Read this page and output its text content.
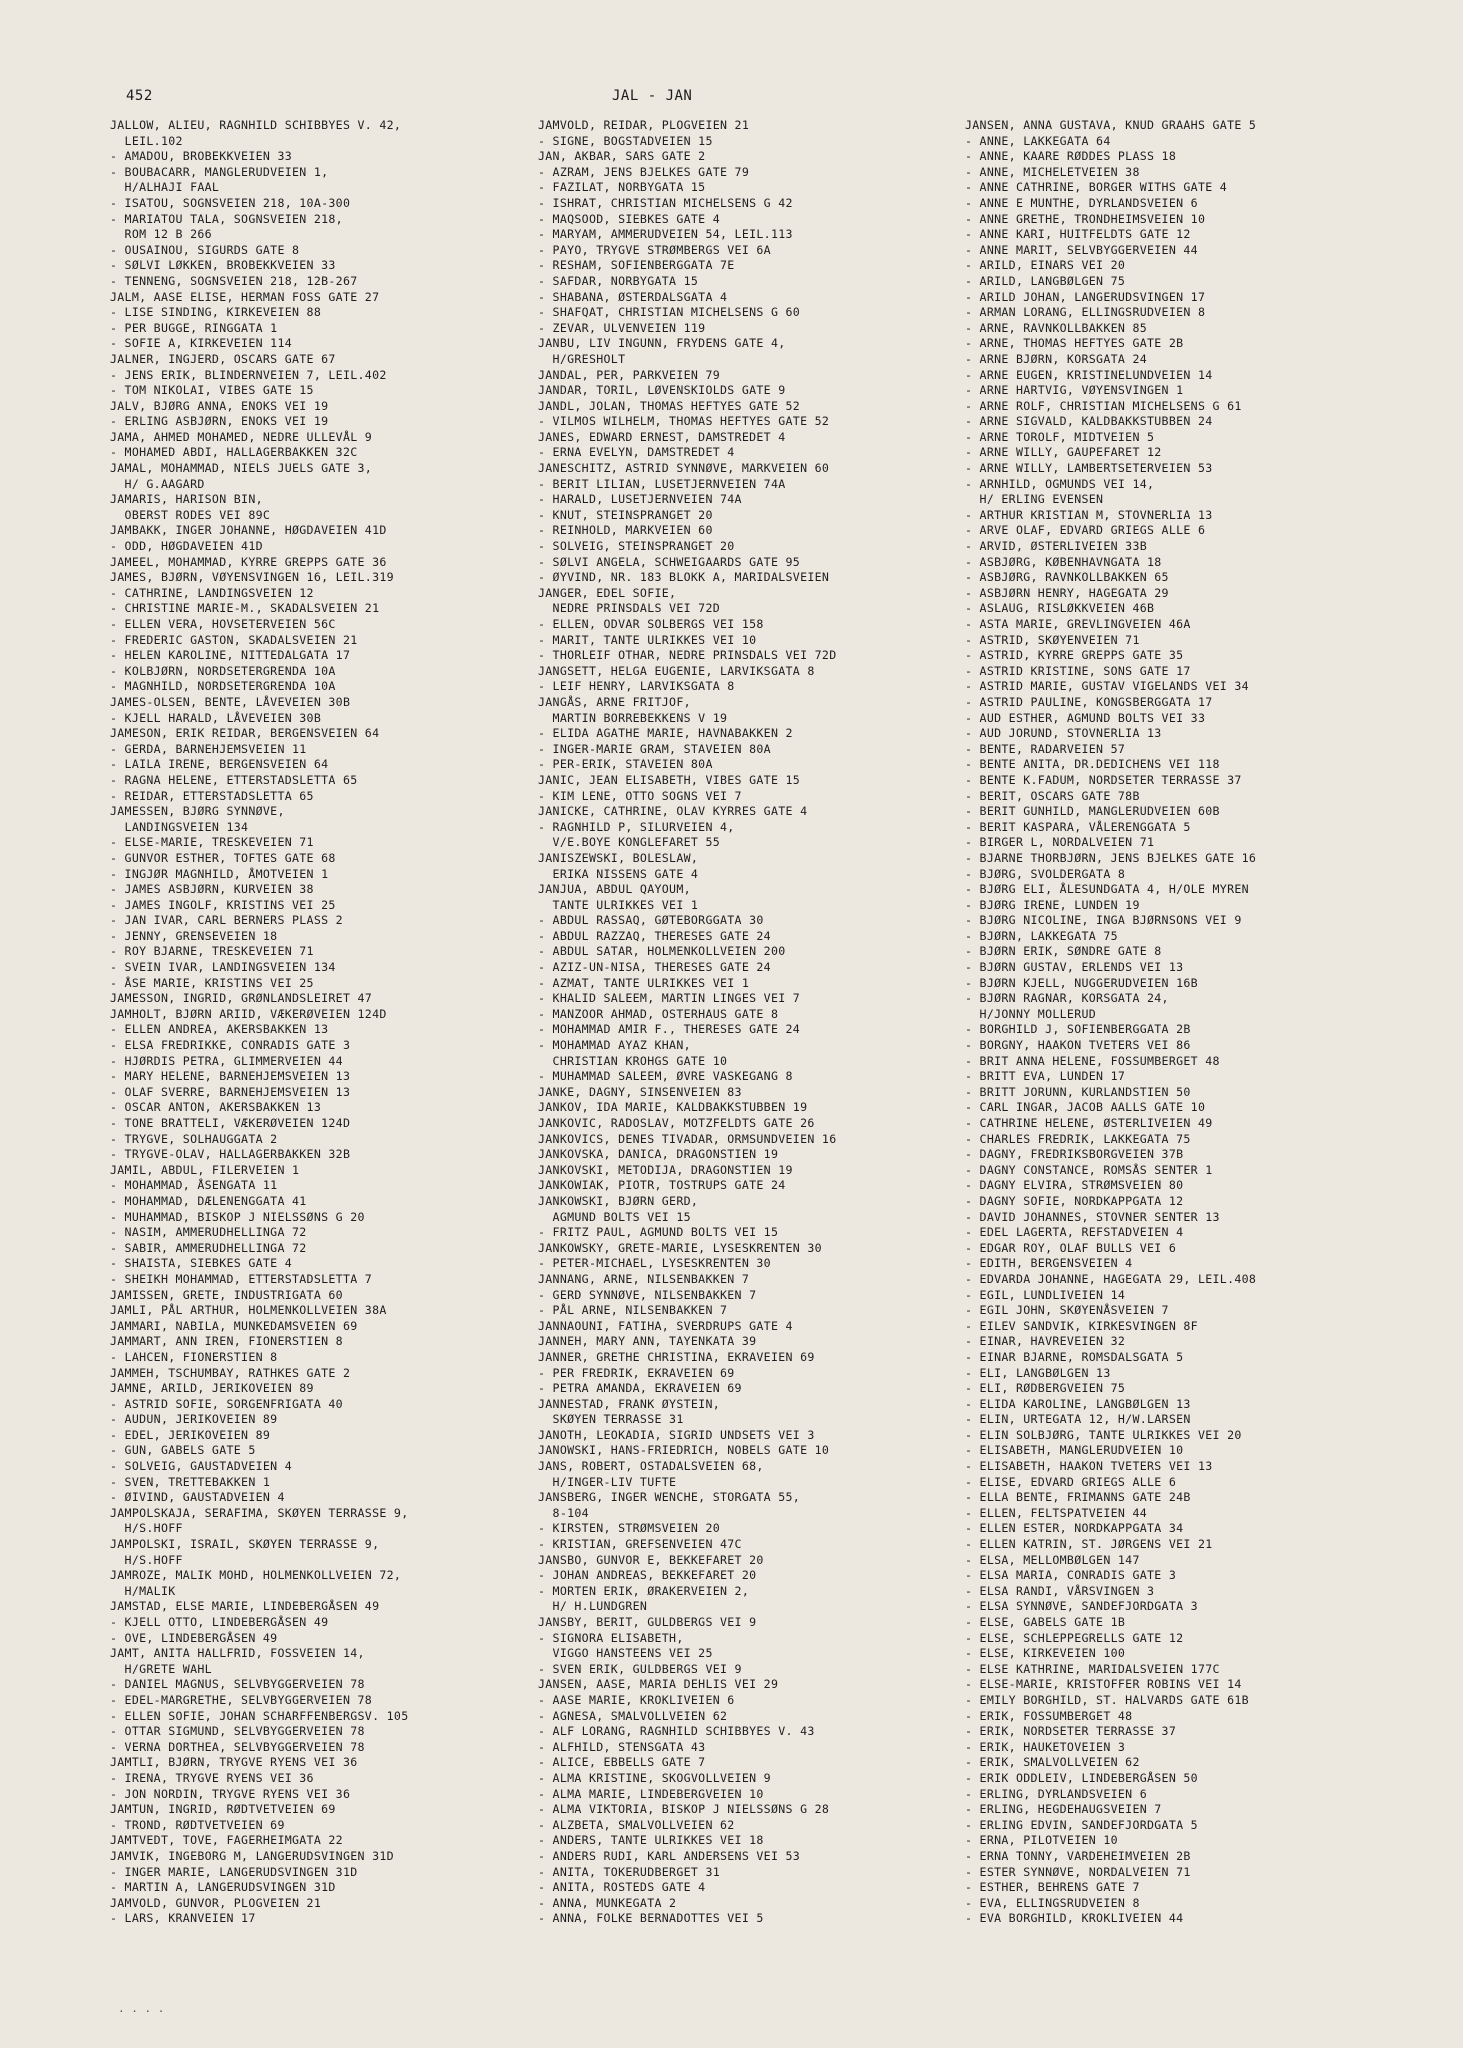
452	JAL - JAN
JALLOW, ALIEU, RAGNHILD SCHIBBYES V. 42,
LEIL.102
- AMADOU, BROBEKKVEIEN 33
- BOUBACARR, MANGLERUDVEIEN 1,
H/ALHAJI FAAL
- ISATOU, SOGNSVEIEN 218, 10A-300
- MARIATOU TALA, SOGNSVEIEN 218,
ROM 12 B 266
- OUSAINOU, SIGURDS GATE 8
- SØLVI LØKKEN, BROBEKKVEIEN 33
- TENNENG, SOGNSVEIEN 218, 12B-267
JALM, AASE ELISE, HERMAN FOSS GATE 27
- LISE SINDING, KIRKEVEIEN 88
- PER BUGGE, RINGGATA 1
- SOFIE A, KIRKEVEIEN 114
JALNER, INGJERD, OSCARS GATE 67
- JENS ERIK, BLINDERNVEIEN 7, LEIL.402
- TOM NIKOLAI, VIBES GATE 15
JALV, BJØRG ANNA, ENOKS VEI 19
- ERLING ASBJØRN, ENOKS VEI 19
JAMA, AHMED MOHAMED, NEDRE ULLEVÅL 9
- MOHAMED ABDI, HALLAGERBAKKEN 32C
JAMAL, MOHAMMAD, NIELS JUELS GATE 3,
H/ G.AAGARD
JAMARIS, HARISON BIN,
OBERST RODES VEI 89C
JAMBAKK, INGER JOHANNE, HØGDAVEIEN 41D
- ODD, HØGDAVEIEN 41D
JAMEEL, MOHAMMAD, KYRRE GREPPS GATE 36
JAMES, BJØRN, VØYENSVINGEN 16, LEIL.319
- CATHRINE, LANDINGSVEIEN 12
- CHRISTINE MARIE-M., SKADALSVEIEN 21
- ELLEN VERA, HOVSETERVEIEN 56C
- FREDERIC GASTON, SKADALSVEIEN 21
- HELEN KAROLINE, NITTEDALGATA 17
- KOLBJØRN, NORDSETERGRENDA 10A
- MAGNHILD, NORDSETERGRENDA 10A
JAMES-OLSEN, BENTE, LÅVEVEIEN 30B
- KJELL HARALD, LÅVEVEIEN 30B
JAMESON, ERIK REIDAR, BERGENSVEIEN 64
- GERDA, BARNEHJEMSVEIEN 11
- LAILA IRENE, BERGENSVEIEN 64
- RAGNA HELENE, ETTERSTADSLETTA 65
- REIDAR, ETTERSTADSLETTA 65
JAMESSEN, BJØRG SYNNØVE,
LANDINGSVEIEN 134
- ELSE-MARIE, TRESKEVEIEN 71
- GUNVOR ESTHER, TOFTES GATE 68
- INGJØR MAGNHILD, ÅMOTVEIEN 1
- JAMES ASBJØRN, KURVEIEN 38
- JAMES INGOLF, KRISTINS VEI 25
- JAN IVAR, CARL BERNERS PLASS 2
- JENNY, GRENSEVEIEN 18
- ROY BJARNE, TRESKEVEIEN 71
- SVEIN IVAR, LANDINGSVEIEN 134
- ÅSE MARIE, KRISTINS VEI 25
JAMESSON, INGRID, GRØNLANDSLEIRET 47
JAMHOLT, BJØRN ARIID, VÆKERØVEIEN 124D
- ELLEN ANDREA, AKERSBAKKEN 13
- ELSA FREDRIKKE, CONRADIS GATE 3
- HJØRDIS PETRA, GLIMMERVEIEN 44
- MARY HELENE, BARNEHJEMSVEIEN 13
- OLAF SVERRE, BARNEHJEMSVEIEN 13
- OSCAR ANTON, AKERSBAKKEN 13
- TONE BRATTELI, VÆKERØVEIEN 124D
- TRYGVE, SOLHAUGGATA 2
- TRYGVE-OLAV, HALLAGERBAKKEN 32B
JAMIL, ABDUL, FILERVEIEN 1
- MOHAMMAD, ÅSENGATA 11
- MOHAMMAD, DÆLENENGGATA 41
- MUHAMMAD, BISKOP J NIELSSØNS G 20
- NASIM, AMMERUDHELLINGA 72
- SABIR, AMMERUDHELLINGA 72
- SHAISTA, SIEBKES GATE 4
- SHEIKH MOHAMMAD, ETTERSTADSLETTA 7
JAMISSEN, GRETE, INDUSTRIGATA 60
JAMLI, PÅL ARTHUR, HOLMENKOLLVEIEN 38A
JAMMARI, NABILA, MUNKEDAMSVEIEN 69
JAMMART, ANN IREN, FIONERSTIEN 8
- LAHCEN, FIONERSTIEN 8
JAMMEH, TSCHUMBAY, RATHKES GATE 2
JAMNE, ARILD, JERIKOVEIEN 89
- ASTRID SOFIE, SORGENFRIGATA 40
- AUDUN, JERIKOVEIEN 89
- EDEL, JERIKOVEIEN 89
- GUN, GABELS GATE 5
- SOLVEIG, GAUSTADVEIEN 4
- SVEN, TRETTEBAKKEN 1
- ØIVIND, GAUSTADVEIEN 4
JAMPOLSKAJA, SERAFIMA, SKØYEN TERRASSE 9,
H/S.HOFF
JAMPOLSKI, ISRAIL, SKØYEN TERRASSE 9,
H/S.HOFF
JAMROZE, MALIK MOHD, HOLMENKOLLVEIEN 72,
H/MALIK
JAMSTAD, ELSE MARIE, LINDEBERGÅSEN 49
- KJELL OTTO, LINDEBERGÅSEN 49
- OVE, LINDEBERGÅSEN 49
JAMT, ANITA HALLFRID, FOSSVEIEN 14,
H/GRETE WAHL
- DANIEL MAGNUS, SELVBYGGERVEIEN 78
- EDEL-MARGRETHE, SELVBYGGERVEIEN 78
- ELLEN SOFIE, JOHAN SCHARFFENBERGSV. 105
- OTTAR SIGMUND, SELVBYGGERVEIEN 78
- VERNA DORTHEA, SELVBYGGERVEIEN 78
JAMTLI, BJØRN, TRYGVE RYENS VEI 36
- IRENA, TRYGVE RYENS VEI 36
- JON NORDIN, TRYGVE RYENS VEI 36
JAMTUN, INGRID, RØDTVETVEIEN 69
- TROND, RØDTVETVEIEN 69
JAMTVEDT, TOVE, FAGERHEIMGATA 22
JAMVIK, INGEBORG M, LANGERUDSVINGEN 31D
- INGER MARIE, LANGERUDSVINGEN 31D
- MARTIN A, LANGERUDSVINGEN 31D
JAMVOLD, GUNVOR, PLOGVEIEN 21
- LARS, KRANVEIEN 17
JAMVOLD, REIDAR, PLOGVEIEN 21
- SIGNE, BOGSTADVEIEN 15
JAN, AKBAR, SARS GATE 2
- AZRAM, JENS BJELKES GATE 79
- FAZILAT, NORBYGATA 15
- ISHRAT, CHRISTIAN MICHELSENS G 42
- MAQSOOD, SIEBKES GATE 4
- MARYAM, AMMERUDVEIEN 54, LEIL.113
- PAYO, TRYGVE STRØMBERGS VEI 6A
- RESHAM, SOFIENBERGGATA 7E
- SAFDAR, NORBYGATA 15
- SHABANA, ØSTERDALSGATA 4
- SHAFQAT, CHRISTIAN MICHELSENS G 60
- ZEVAR, ULVENVEIEN 119
JANBU, LIV INGUNN, FRYDENS GATE 4,
H/GRESHOLT
JANDAL, PER, PARKVEIEN 79
JANDAR, TORIL, LØVENSKIOLDS GATE 9
JANDL, JOLAN, THOMAS HEFTYES GATE 52
- VILMOS WILHELM, THOMAS HEFTYES GATE 52
JANES, EDWARD ERNEST, DAMSTREDET 4
- ERNA EVELYN, DAMSTREDET 4
JANESCHITZ, ASTRID SYNNØVE, MARKVEIEN 60
- BERIT LILIAN, LUSETJERNVEIEN 74A
- HARALD, LUSETJERNVEIEN 74A
- KNUT, STEINSPRANGET 20
- REINHOLD, MARKVEIEN 60
- SOLVEIG, STEINSPRANGET 20
- SØLVI ANGELA, SCHWEIGAARDS GATE 95
- ØYVIND, NR. 183 BLOKK A, MARIDALSVEIEN
JANGER, EDEL SOFIE,
NEDRE PRINSDALS VEI 72D
- ELLEN, ODVAR SOLBERGS VEI 158
- MARIT, TANTE ULRIKKES VEI 10
- THORLEIF OTHAR, NEDRE PRINSDALS VEI 72D
JANGSETT, HELGA EUGENIE, LARVIKSGATA 8
- LEIF HENRY, LARVIKSGATA 8
JANGÅS, ARNE FRITJOF,
MARTIN BORREBEKKENS V 19
- ELIDA AGATHE MARIE, HAVNABAKKEN 2
- INGER-MARIE GRAM, STAVEIEN 80A
- PER-ERIK, STAVEIEN 80A
JANIC, JEAN ELISABETH, VIBES GATE 15
- KIM LENE, OTTO SOGNS VEI 7
JANICKE, CATHRINE, OLAV KYRRES GATE 4
- RAGNHILD P, SILURVEIEN 4,
V/E.BOYE KONGLEFARET 55
JANISZEWSKI, BOLESLAW,
ERIKA NISSENS GATE 4
JANJUA, ABDUL QAYOUM,
TANTE ULRIKKES VEI 1
- ABDUL RASSAQ, GØTEBORGGATA 30
- ABDUL RAZZAQ, THERESES GATE 24
- ABDUL SATAR, HOLMENKOLLVEIEN 200
- AZIZ-UN-NISA, THERESES GATE 24
- AZMAT, TANTE ULRIKKES VEI 1
- KHALID SALEEM, MARTIN LINGES VEI 7
- MANZOOR AHMAD, OSTERHAUS GATE 8
- MOHAMMAD AMIR F., THERESES GATE 24
- MOHAMMAD AYAZ KHAN,
CHRISTIAN KROHGS GATE 10
- MUHAMMAD SALEEM, ØVRE VASKEGANG 8
JANKE, DAGNY, SINSENVEIEN 83
JANKOV, IDA MARIE, KALDBAKKSTUBBEN 19
JANKOVIC, RADOSLAV, MOTZFELDTS GATE 26
JANKOVICS, DENES TIVADAR, ORMSUNDVEIEN 16
JANKOVSKA, DANICA, DRAGONSTIEN 19
JANKOVSKI, METODIJA, DRAGONSTIEN 19
JANKOWIAK, PIOTR, TOSTRUPS GATE 24
JANKOWSKI, BJØRN GERD,
AGMUND BOLTS VEI 15
- FRITZ PAUL, AGMUND BOLTS VEI 15
JANKOWSKY, GRETE-MARIE, LYSESKRENTEN 30
- PETER-MICHAEL, LYSESKRENTEN 30
JANNANG, ARNE, NILSENBAKKEN 7
- GERD SYNNØVE, NILSENBAKKEN 7
- PÅL ARNE, NILSENBAKKEN 7
JANNAOUNI, FATIHA, SVERDRUPS GATE 4
JANNEH, MARY ANN, TAYENKATA 39
JANNER, GRETHE CHRISTINA, EKRAVEIEN 69
- PER FREDRIK, EKRAVEIEN 69
- PETRA AMANDA, EKRAVEIEN 69
JANNESTAD, FRANK ØYSTEIN,
SKØYEN TERRASSE 31
JANOTH, LEOKADIA, SIGRID UNDSETS VEI 3
JANOWSKI, HANS-FRIEDRICH, NOBELS GATE 10
JANS, ROBERT, OSTADALSVEIEN 68,
H/INGER-LIV TUFTE
JANSBERG, INGER WENCHE, STORGATA 55,
8-104
- KIRSTEN, STRØMSVEIEN 20
- KRISTIAN, GREFSENVEIEN 47C
JANSBO, GUNVOR E, BEKKEFARET 20
- JOHAN ANDREAS, BEKKEFARET 20
- MORTEN ERIK, ØRAKERVEIEN 2,
H/ H.LUNDGREN
JANSBY, BERIT, GULDBERGS VEI 9
- SIGNORA ELISABETH,
VIGGO HANSTEENS VEI 25
- SVEN ERIK, GULDBERGS VEI 9
JANSEN, AASE, MARIA DEHLIS VEI 29
- AASE MARIE, KROKLIVEIEN 6
- AGNESA, SMALVOLLVEIEN 62
- ALF LORANG, RAGNHILD SCHIBBYES V. 43
- ALFHILD, STENSGATA 43
- ALICE, EBBELLS GATE 7
- ALMA KRISTINE, SKOGVOLLVEIEN 9
- ALMA MARIE, LINDEBERGVEIEN 10
- ALMA VIKTORIA, BISKOP J NIELSSØNS G 28
- ALZBETA, SMALVOLLVEIEN 62
- ANDERS, TANTE ULRIKKES VEI 18
- ANDERS RUDI, KARL ANDERSENS VEI 53
- ANITA, TOKERUDBERGET 31
- ANITA, ROSTEDS GATE 4
- ANNA, MUNKEGATA 2
- ANNA, FOLKE BERNADOTTES VEI 5
JANSEN, ANNA GUSTAVA, KNUD GRAAHS GATE 5
- ANNE, LAKKEGATA 64
- ANNE, KAARE RØDDES PLASS 18
- ANNE, MICHELETVEIEN 38
- ANNE CATHRINE, BORGER WITHS GATE 4
- ANNE E MUNTHE, DYRLANDSVEIEN 6
- ANNE GRETHE, TRONDHEIMSVEIEN 10
- ANNE KARI, HUITFELDTS GATE 12
- ANNE MARIT, SELVBYGGERVEIEN 44
- ARILD, EINARS VEI 20
- ARILD, LANGBØLGEN 75
- ARILD JOHAN, LANGERUDSVINGEN 17
- ARMAN LORANG, ELLINGSRUDVEIEN 8
- ARNE, RAVNKOLLBAKKEN 85
- ARNE, THOMAS HEFTYES GATE 2B
- ARNE BJØRN, KORSGATA 24
- ARNE EUGEN, KRISTINELUNDVEIEN 14
- ARNE HARTVIG, VØYENSVINGEN 1
- ARNE ROLF, CHRISTIAN MICHELSENS G 61
- ARNE SIGVALD, KALDBAKKSTUBBEN 24
- ARNE TOROLF, MIDTVEIEN 5
- ARNE WILLY, GAUPEFARET 12
- ARNE WILLY, LAMBERTSETERVEIEN 53
- ARNHILD, OGMUNDS VEI 14,
H/ ERLING EVENSEN
- ARTHUR KRISTIAN M, STOVNERLIA 13
- ARVE OLAF, EDVARD GRIEGS ALLE 6
- ARVID, ØSTERLIVEIEN 33B
- ASBJØRG, KØBENHAVNGATA 18
- ASBJØRG, RAVNKOLLBAKKEN 65
- ASBJØRN HENRY, HAGEGATA 29
- ASLAUG, RISLØKKVEIEN 46B
- ASTA MARIE, GREVLINGVEIEN 46A
- ASTRID, SKØYENVEIEN 71
- ASTRID, KYRRE GREPPS GATE 35
- ASTRID KRISTINE, SONS GATE 17
- ASTRID MARIE, GUSTAV VIGELANDS VEI 34
- ASTRID PAULINE, KONGSBERGGATA 17
- AUD ESTHER, AGMUND BOLTS VEI 33
- AUD JORUND, STOVNERLIA 13
- BENTE, RADARVEIEN 57
- BENTE ANITA, DR.DEDICHENS VEI 118
- BENTE K.FADUM, NORDSETER TERRASSE 37
- BERIT, OSCARS GATE 78B
- BERIT GUNHILD, MANGLERUDVEIEN 60B
- BERIT KASPARA, VÅLERENGGATA 5
- BIRGER L, NORDALVEIEN 71
- BJARNE THORBJØRN, JENS BJELKES GATE 16
- BJØRG, SVOLDERGATA 8
- BJØRG ELI, ÅLESUNDGATA 4, H/OLE MYREN
- BJØRG IRENE, LUNDEN 19
- BJØRG NICOLINE, INGA BJØRNSONS VEI 9
- BJØRN, LAKKEGATA 75
- BJØRN ERIK, SØNDRE GATE 8
- BJØRN GUSTAV, ERLENDS VEI 13
- BJØRN KJELL, NUGGERUDVEIEN 16B
- BJØRN RAGNAR, KORSGATA 24,
H/JONNY MOLLERUD
- BORGHILD J, SOFIENBERGGATA 2B
- BORGNY, HAAKON TVETERS VEI 86
- BRIT ANNA HELENE, FOSSUMBERGET 48
- BRITT EVA, LUNDEN 17
- BRITT JORUNN, KURLANDSTIEN 50
- CARL INGAR, JACOB AALLS GATE 10
- CATHRINE HELENE, ØSTERLIVEIEN 49
- CHARLES FREDRIK, LAKKEGATA 75
- DAGNY, FREDRIKSBORGVEIEN 37B
- DAGNY CONSTANCE, ROMSÅS SENTER 1
- DAGNY ELVIRA, STRØMSVEIEN 80
- DAGNY SOFIE, NORDKAPPGATA 12
- DAVID JOHANNES, STOVNER SENTER 13
- EDEL LAGERTA, REFSTADVEIEN 4
- EDGAR ROY, OLAF BULLS VEI 6
- EDITH, BERGENSVEIEN 4
- EDVARDA JOHANNE, HAGEGATA 29, LEIL.408
- EGIL, LUNDLIVEIEN 14
- EGIL JOHN, SKØYENÅSVEIEN 7
- EILEV SANDVIK, KIRKESVINGEN 8F
- EINAR, HAVREVEIEN 32
- EINAR BJARNE, ROMSDALSGATA 5
- ELI, LANGBØLGEN 13
- ELI, RØDBERGVEIEN 75
- ELIDA KAROLINE, LANGBØLGEN 13
- ELIN, URTEGATA 12, H/W.LARSEN
- ELIN SOLBJØRG, TANTE ULRIKKES VEI 20
- ELISABETH, MANGLERUDVEIEN 10
- ELISABETH, HAAKON TVETERS VEI 13
- ELISE, EDVARD GRIEGS ALLE 6
- ELLA BENTE, FRIMANNS GATE 24B
- ELLEN, FELTSPATVEIEN 44
- ELLEN ESTER, NORDKAPPGATA 34
- ELLEN KATRIN, ST. JØRGENS VEI 21
- ELSA, MELLOMBØLGEN 147
- ELSA MARIA, CONRADIS GATE 3
- ELSA RANDI, VÅRSVINGEN 3
- ELSA SYNNØVE, SANDEFJORDGATA 3
- ELSE, GABELS GATE 1B
- ELSE, SCHLEPPEGRELLS GATE 12
- ELSE, KIRKEVEIEN 100
- ELSE KATHRINE, MARIDALSVEIEN 177C
- ELSE-MARIE, KRISTOFFER ROBINS VEI 14
- EMILY BORGHILD, ST. HALVARDS GATE 61B
- ERIK, FOSSUMBERGET 48
- ERIK, NORDSETER TERRASSE 37
- ERIK, HAUKETOVEIEN 3
- ERIK, SMALVOLLVEIEN 62
- ERIK ODDLEIV, LINDEBERGÅSEN 50
- ERLING, DYRLANDSVEIEN 6
- ERLING, HEGDEHAUGSVEIEN 7
- ERLING EDVIN, SANDEFJORDGATA 5
- ERNA, PILOTVEIEN 10
- ERNA TONNY, VARDEHEIMVEIEN 2B
- ESTER SYNNØVE, NORDALVEIEN 71
- ESTHER, BEHRENS GATE 7
- EVA, ELLINGSRUDVEIEN 8
- EVA BORGHILD, KROKLIVEIEN 44
. . . .
